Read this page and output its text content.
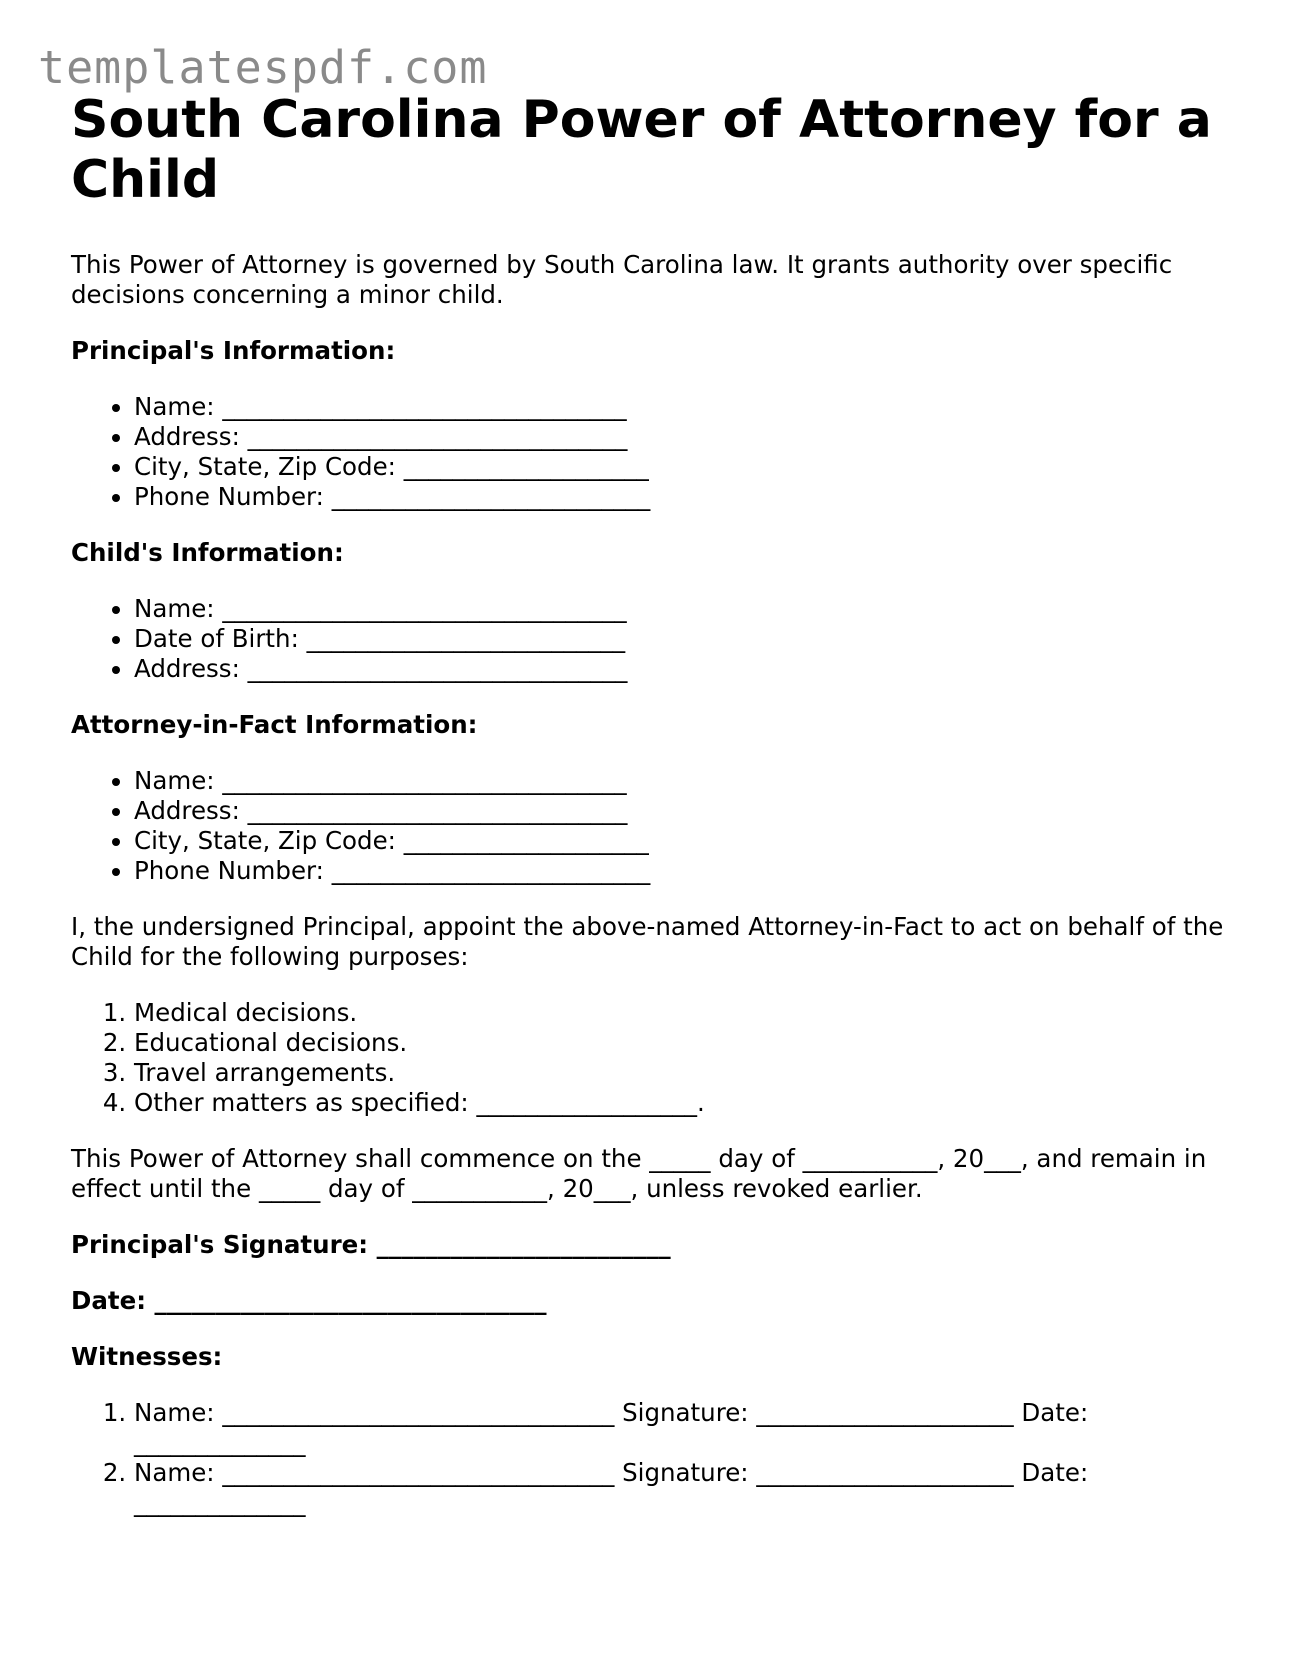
templatespdf.com
South Carolina Power of Attorney for a Child

This Power of Attorney is governed by South Carolina law. It grants authority over specific decisions concerning a minor child.

Principal's Information:
• Name: _________________________________
• Address: _______________________________
• City, State, Zip Code: ____________________
• Phone Number: __________________________
Child's Information:
• Name: _________________________________
• Date of Birth: __________________________
• Address: _______________________________
Attorney-in-Fact Information:
• Name: _________________________________
• Address: _______________________________
• City, State, Zip Code: ____________________
• Phone Number: __________________________

I, the undersigned Principal, appoint the above-named Attorney-in-Fact to act on behalf of the Child for the following purposes:

1. Medical decisions.
2. Educational decisions.
3. Travel arrangements.
4. Other matters as specified: __________________.

This Power of Attorney shall commence on the _____ day of ___________, 20___, and remain in effect until the _____ day of ___________, 20___, unless revoked earlier.

Principal's Signature: ________________________

Date: ________________________________

Witnesses:
1. Name: ________________________________ Signature: _____________________ Date: ______________
2. Name: ________________________________ Signature: _____________________ Date: ______________
